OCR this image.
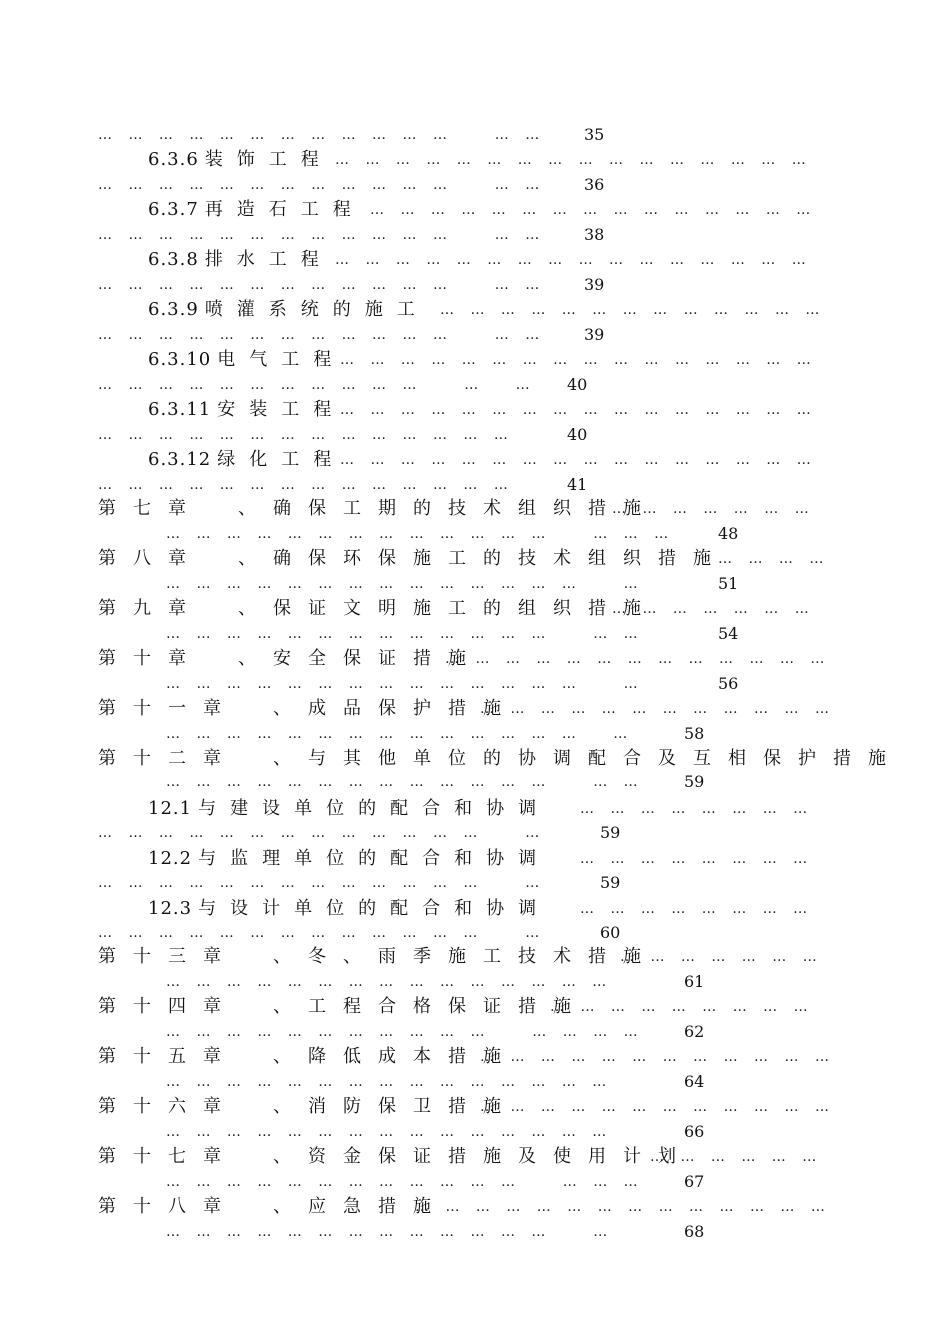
… … … … … … … … … … … …    … … 35
6.3.6 装饰工程 … … … … … … … … … … … … … … … …
… … … … … … … … … … … …    … … 36
6.3.7 再造石工程 … … … … … … … … … … … … … … …
… … … … … … … … … … … …    … … 38
6.3.8 排水工程 … … … … … … … … … … … … … … … …
… … … … … … … … … … … …    … … 39
6.3.9 喷灌系统的施工 … … … … … … … … … … … … …
… … … … … … … … … … … …    … … 39
6.3.10 电气工程
… … … … … … … … … … … … … … … …
… … … … … … … … … … …    …   … 40
6.3.11 安装工程
… … … … … … … … … … … … … … … …
… … … … … … … … … … … … … …	40
6.3.12 绿化工程
… … … … … … … … … … … … … … … …
… … … … … … … … … … … … … …	41
第七章　、确保工期的技术组织措施
… … … … … … …
… … … … … … … … … … … … …    … … …	48
第八章　、确保环保施工的技术组织措施
… … … …
… … … … … … … … … … … … … …    …	51
第九章　、保证文明施工的组织措施
… … … … … … …
… … … … … … … … … … … … …    … …	54
第十章　、安全保证措施
… … … … … … … … … … … … …
… … … … … … … … … … … … … …    …	56
第十一章　、成品保护措施
… … … … … … … … … … … …
… … … … … … … … … … … … … …   …	58
第十二章　、与其他单位的协调配合及互相保护措施
… … … … … … … … … … … … …    … …	59
12.1 与建设单位的配合和协调	… … … … … … … …
… … … … … … … … … … … … …    …	59
12.2 与监理单位的配合和协调	… … … … … … … …
… … … … … … … … … … … … …    …	59
12.3 与设计单位的配合和协调	… … … … … … … …
… … … … … … … … … … … … …    …	60
第十三章　、冬、雨季施工技术措施
… … … … … … …
… … … … … … … … … … … … … … …	61
第十四章　、工程合格保证措施
… … … … … … … … …
… … … … … … … … … … …    … … … …	62
第十五章　、降低成本措施
… … … … … … … … … … … …
… … … … … … … … … … … … … … …	64
第十六章　、消防保卫措施
… … … … … … … … … … … …
… … … … … … … … … … … … … … …	66
第十七章　、资金保证措施及使用计划
… … … … … …
… … … … … … … … … … … …    … … …	67
第十八章　、应急措施
… … … … … … … … … … … … … …
… … … … … … … … … … … … …    …	68
